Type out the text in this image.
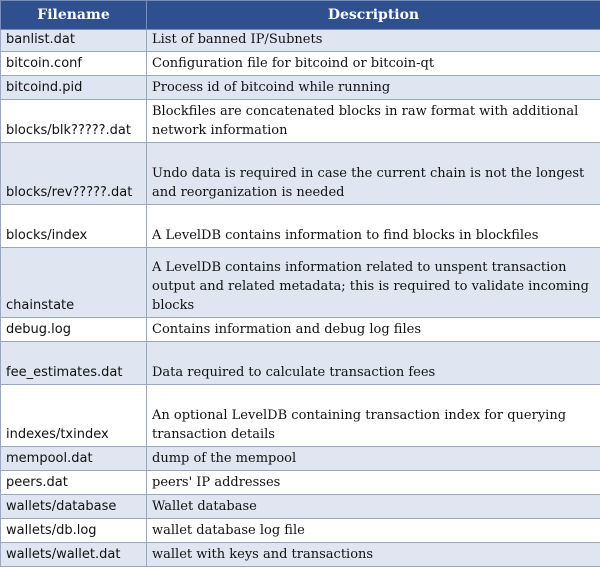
Filename	Description
banlist.dat	List of banned IP/Subnets
bitcoin.conf	Configuration file for bitcoind or bitcoin-qt
bitcoind.pid	Process id of bitcoind while running
blocks/blk?????.dat	Blockfiles are concatenated blocks in raw format with additional network information
blocks/rev?????.dat	Undo data is required in case the current chain is not the longest and reorganization is needed
blocks/index	A LevelDB contains information to find blocks in blockfiles
chainstate	A LevelDB contains information related to unspent transaction output and related metadata; this is required to validate incoming blocks
debug.log	Contains information and debug log files
fee_estimates.dat	Data required to calculate transaction fees
indexes/txindex	An optional LevelDB containing transaction index for querying transaction details
mempool.dat	dump of the mempool
peers.dat	peers' IP addresses
wallets/database	Wallet database
wallets/db.log	wallet database log file
wallets/wallet.dat	wallet with keys and transactions
